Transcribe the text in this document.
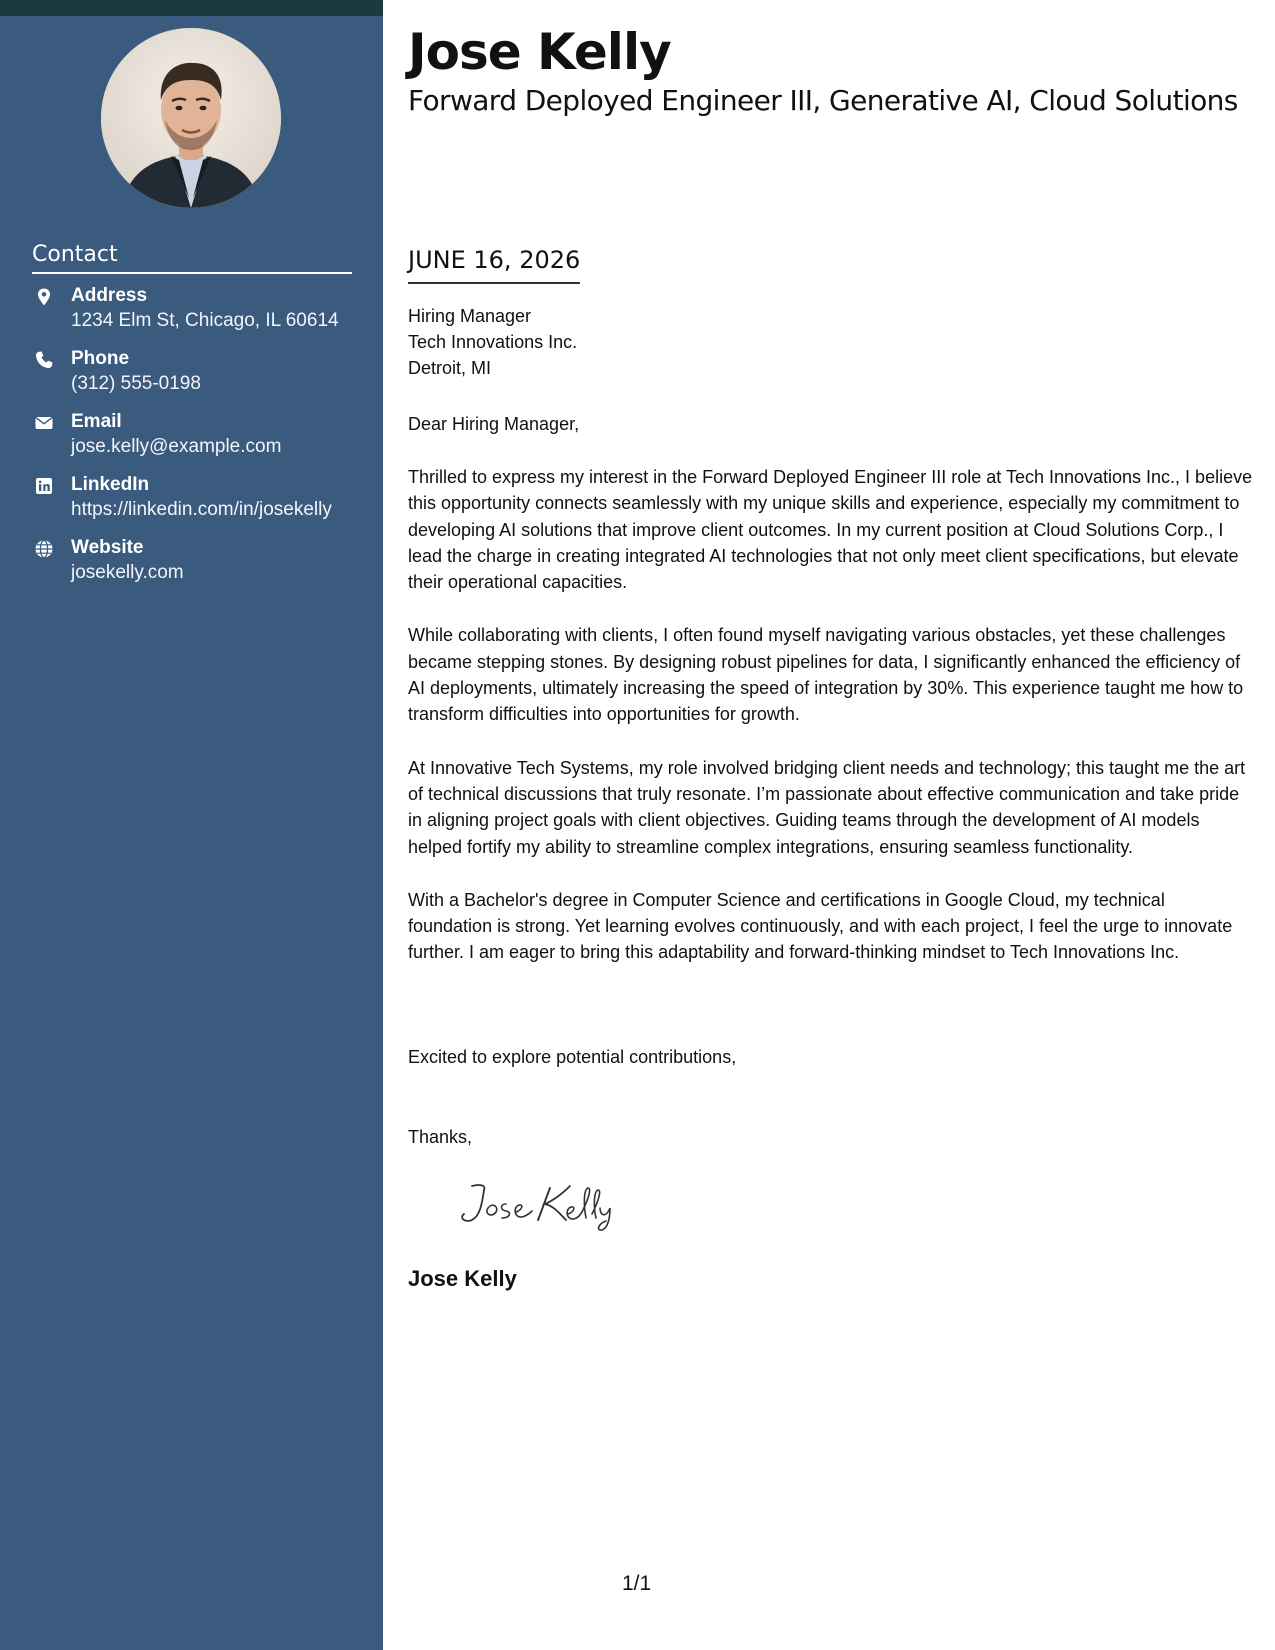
Contact
Address
1234 Elm St, Chicago, IL 60614
Phone
(312) 555-0198
Email
jose.kelly@example.com
LinkedIn
https://linkedin.com/in/josekelly
Website
josekelly.com
Jose Kelly
Forward Deployed Engineer III, Generative AI, Cloud Solutions
JUNE 16, 2026
Hiring Manager
Tech Innovations Inc.
Detroit, MI
Dear Hiring Manager,

Thrilled to express my interest in the Forward Deployed Engineer III role at Tech Innovations Inc., I believe this opportunity connects seamlessly with my unique skills and experience, especially my commitment to developing AI solutions that improve client outcomes. In my current position at Cloud Solutions Corp., I lead the charge in creating integrated AI technologies that not only meet client specifications, but elevate their operational capacities.

While collaborating with clients, I often found myself navigating various obstacles, yet these challenges became stepping stones. By designing robust pipelines for data, I significantly enhanced the efficiency of AI deployments, ultimately increasing the speed of integration by 30%. This experience taught me how to transform difficulties into opportunities for growth.

At Innovative Tech Systems, my role involved bridging client needs and technology; this taught me the art of technical discussions that truly resonate. I’m passionate about effective communication and take pride in aligning project goals with client objectives. Guiding teams through the development of AI models helped fortify my ability to streamline complex integrations, ensuring seamless functionality.

With a Bachelor's degree in Computer Science and certifications in Google Cloud, my technical foundation is strong. Yet learning evolves continuously, and with each project, I feel the urge to innovate further. I am eager to bring this adaptability and forward-thinking mindset to Tech Innovations Inc.

Excited to explore potential contributions,
Thanks,
Jose Kelly
1/1
